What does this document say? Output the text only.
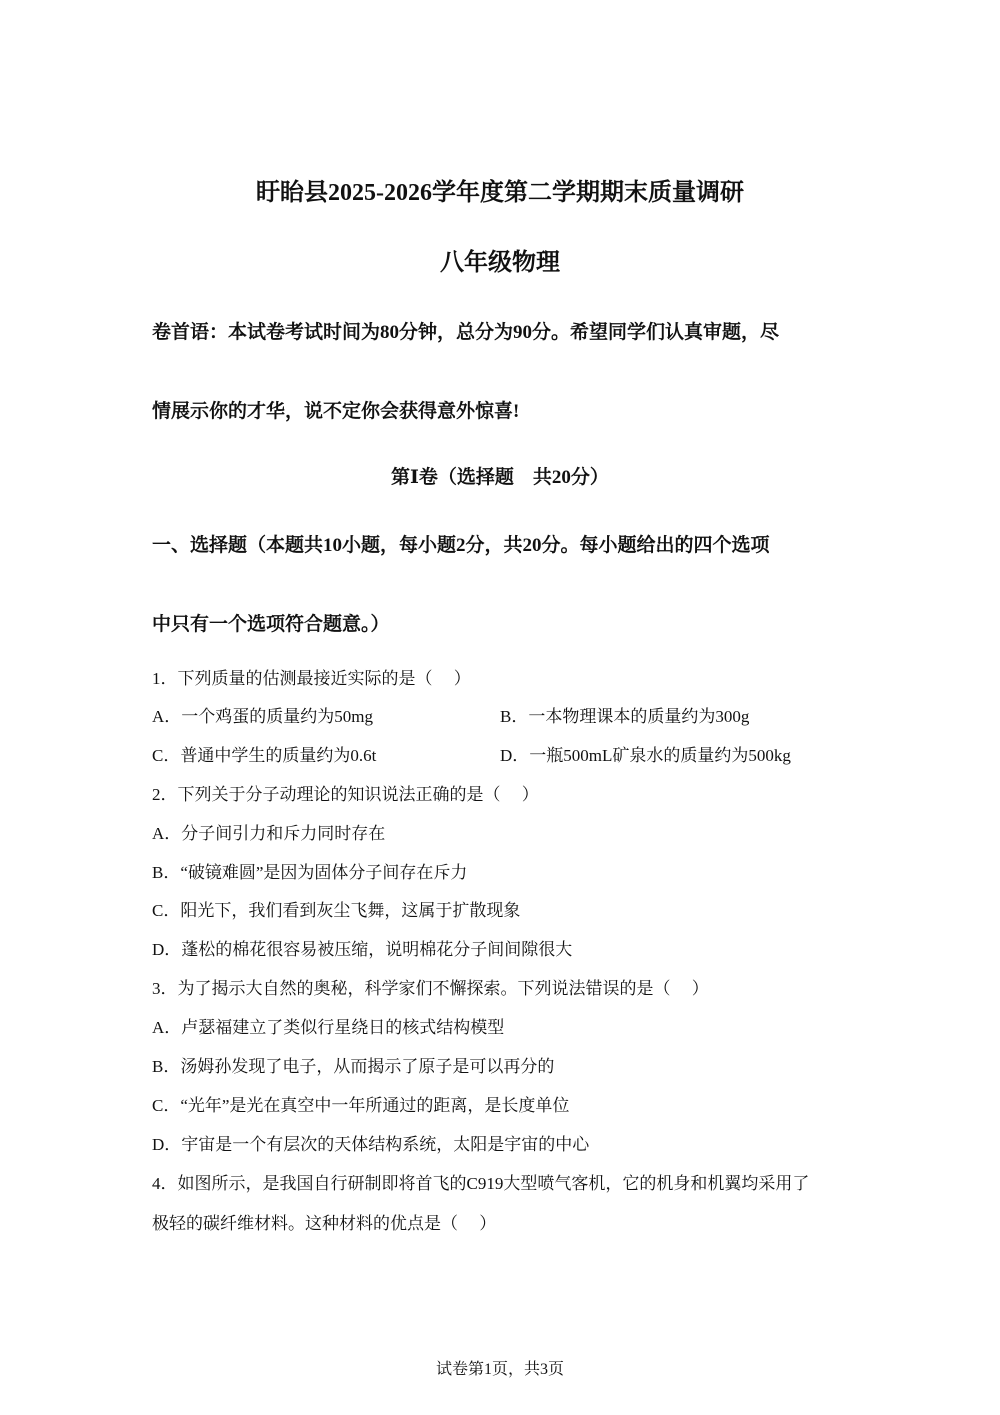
盱眙县2025-2026学年度第二学期期末质量调研
八年级物理
卷首语：本试卷考试时间为80分钟，总分为90分。希望同学们认真审题，尽
情展示你的才华，说不定你会获得意外惊喜!
第Ⅰ卷（选择题　共20分）
一、选择题（本题共10小题，每小题2分，共20分。每小题给出的四个选项
中只有一个选项符合题意。）
1．下列质量的估测最接近实际的是（　 ）
A．一个鸡蛋的质量约为50mg	B．一本物理课本的质量约为300g
C．普通中学生的质量约为0.6t	D．一瓶500mL矿泉水的质量约为500kg
2．下列关于分子动理论的知识说法正确的是（　 ）
A．分子间引力和斥力同时存在
B．“破镜难圆”是因为固体分子间存在斥力
C．阳光下，我们看到灰尘飞舞，这属于扩散现象
D．蓬松的棉花很容易被压缩，说明棉花分子间间隙很大
3．为了揭示大自然的奥秘，科学家们不懈探索。下列说法错误的是（　 ）
A．卢瑟福建立了类似行星绕日的核式结构模型
B．汤姆孙发现了电子，从而揭示了原子是可以再分的
C．“光年”是光在真空中一年所通过的距离，是长度单位
D．宇宙是一个有层次的天体结构系统，太阳是宇宙的中心
4．如图所示，是我国自行研制即将首飞的C919大型喷气客机，它的机身和机翼均采用了
极轻的碳纤维材料。这种材料的优点是（　 ）
试卷第1页，共3页
